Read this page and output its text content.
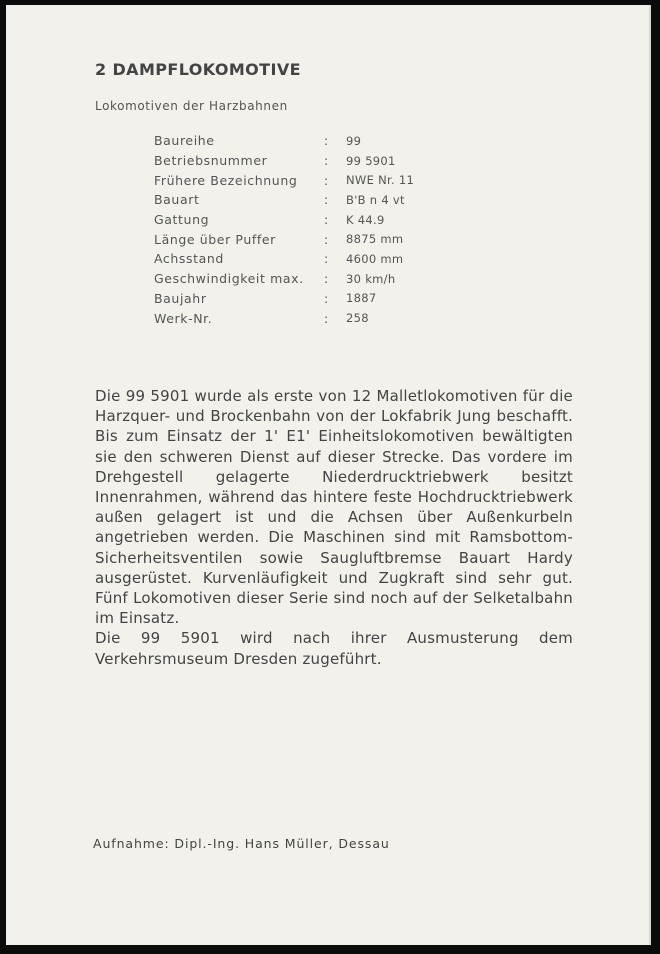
2 DAMPFLOKOMOTIVE
Lokomotiven der Harzbahnen
Baureihe	:	99
Betriebsnummer	:	99 5901
Frühere Bezeichnung	:	NWE Nr. 11
Bauart	:	B'B n 4 vt
Gattung	:	K 44.9
Länge über Puffer	:	8875 mm
Achsstand	:	4600 mm
Geschwindigkeit max.	:	30 km/h
Baujahr	:	1887
Werk-Nr.	:	258

Die 99 5901 wurde als erste von 12 Malletlokomotiven für die Harzquer- und Brockenbahn von der Lokfabrik Jung beschafft. Bis zum Einsatz der 1' E1' Einheitslokomotiven bewältigten sie den schweren Dienst auf dieser Strecke. Das vordere im Drehgestell gelagerte Niederdrucktriebwerk besitzt Innenrahmen, während das hintere feste Hochdrucktriebwerk außen gelagert ist und die Achsen über Außenkurbeln angetrieben werden. Die Maschinen sind mit Ramsbottom-Sicherheitsventilen sowie Saugluftbremse Bauart Hardy ausgerüstet. Kurvenläufigkeit und Zugkraft sind sehr gut. Fünf Lokomotiven dieser Serie sind noch auf der Selketalbahn im Einsatz.

Die 99 5901 wird nach ihrer Ausmusterung dem Verkehrsmuseum Dresden zugeführt.

Aufnahme: Dipl.-Ing. Hans Müller, Dessau
